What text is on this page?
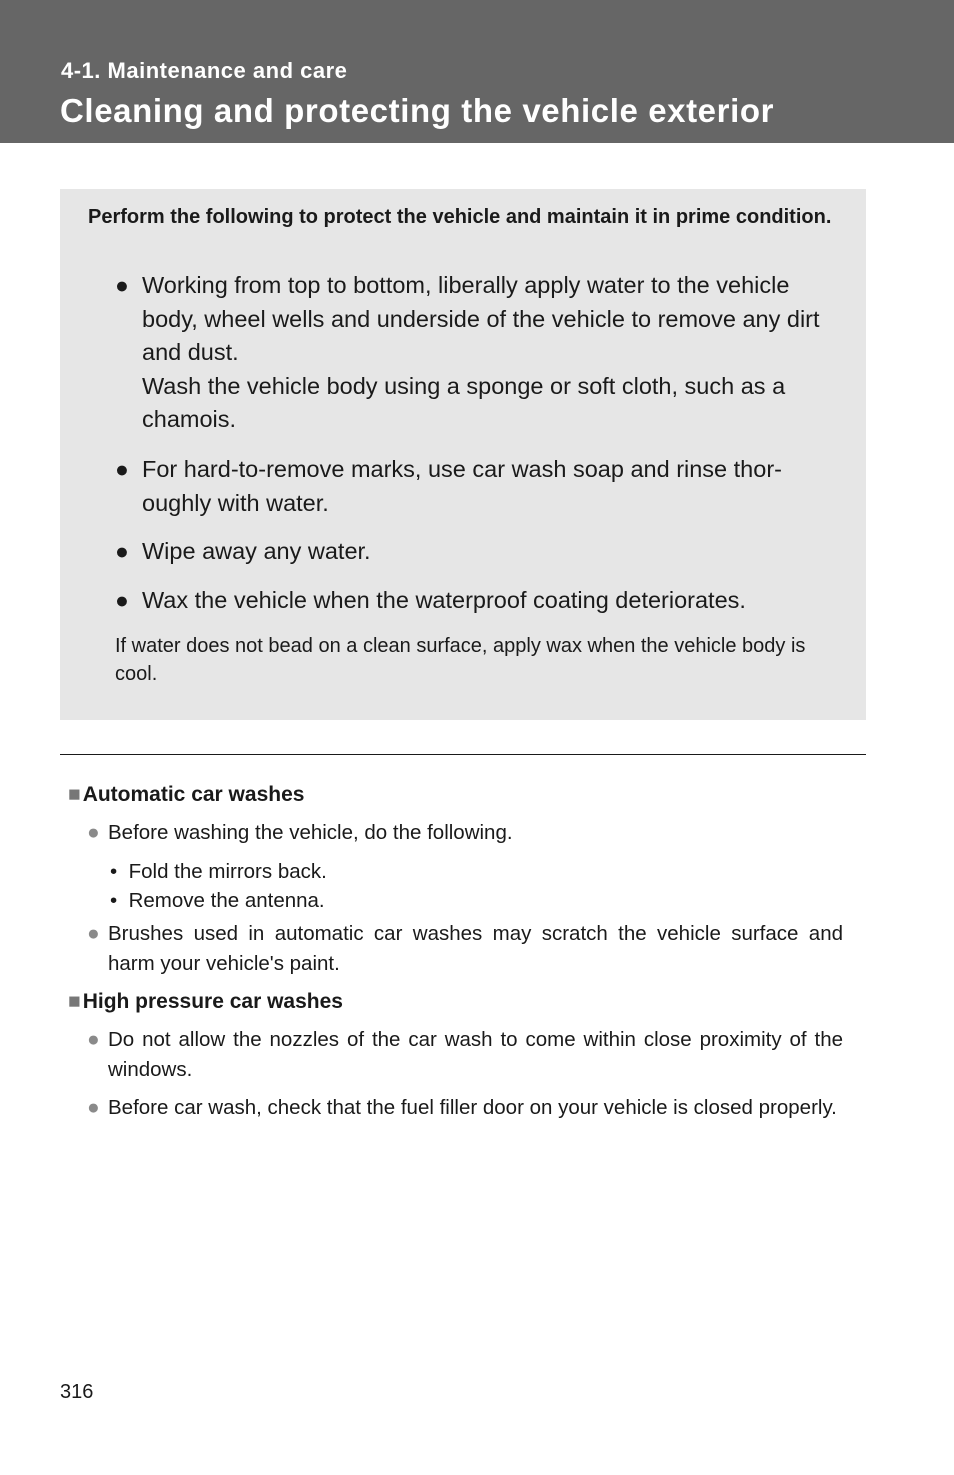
4-1. Maintenance and care
Cleaning and protecting the vehicle exterior
Perform the following to protect the vehicle and maintain it in prime condition.
● Working from top to bottom, liberally apply water to the vehicle body, wheel wells and underside of the vehicle to remove any dirt and dust.

Wash the vehicle body using a sponge or soft cloth, such as a chamois.

● For hard-to-remove marks, use car wash soap and rinse thor-oughly with water.

● Wipe away any water.

● Wax the vehicle when the waterproof coating deteriorates.

If water does not bead on a clean surface, apply wax when the vehicle body is cool.
■Automatic car washes
● Before washing the vehicle, do the following.
• Fold the mirrors back.
• Remove the antenna.
● Brushes used in automatic car washes may scratch the vehicle surface and harm your vehicle's paint.
■High pressure car washes
● Do not allow the nozzles of the car wash to come within close proximity of the windows.
● Before car wash, check that the fuel filler door on your vehicle is closed properly.
316
